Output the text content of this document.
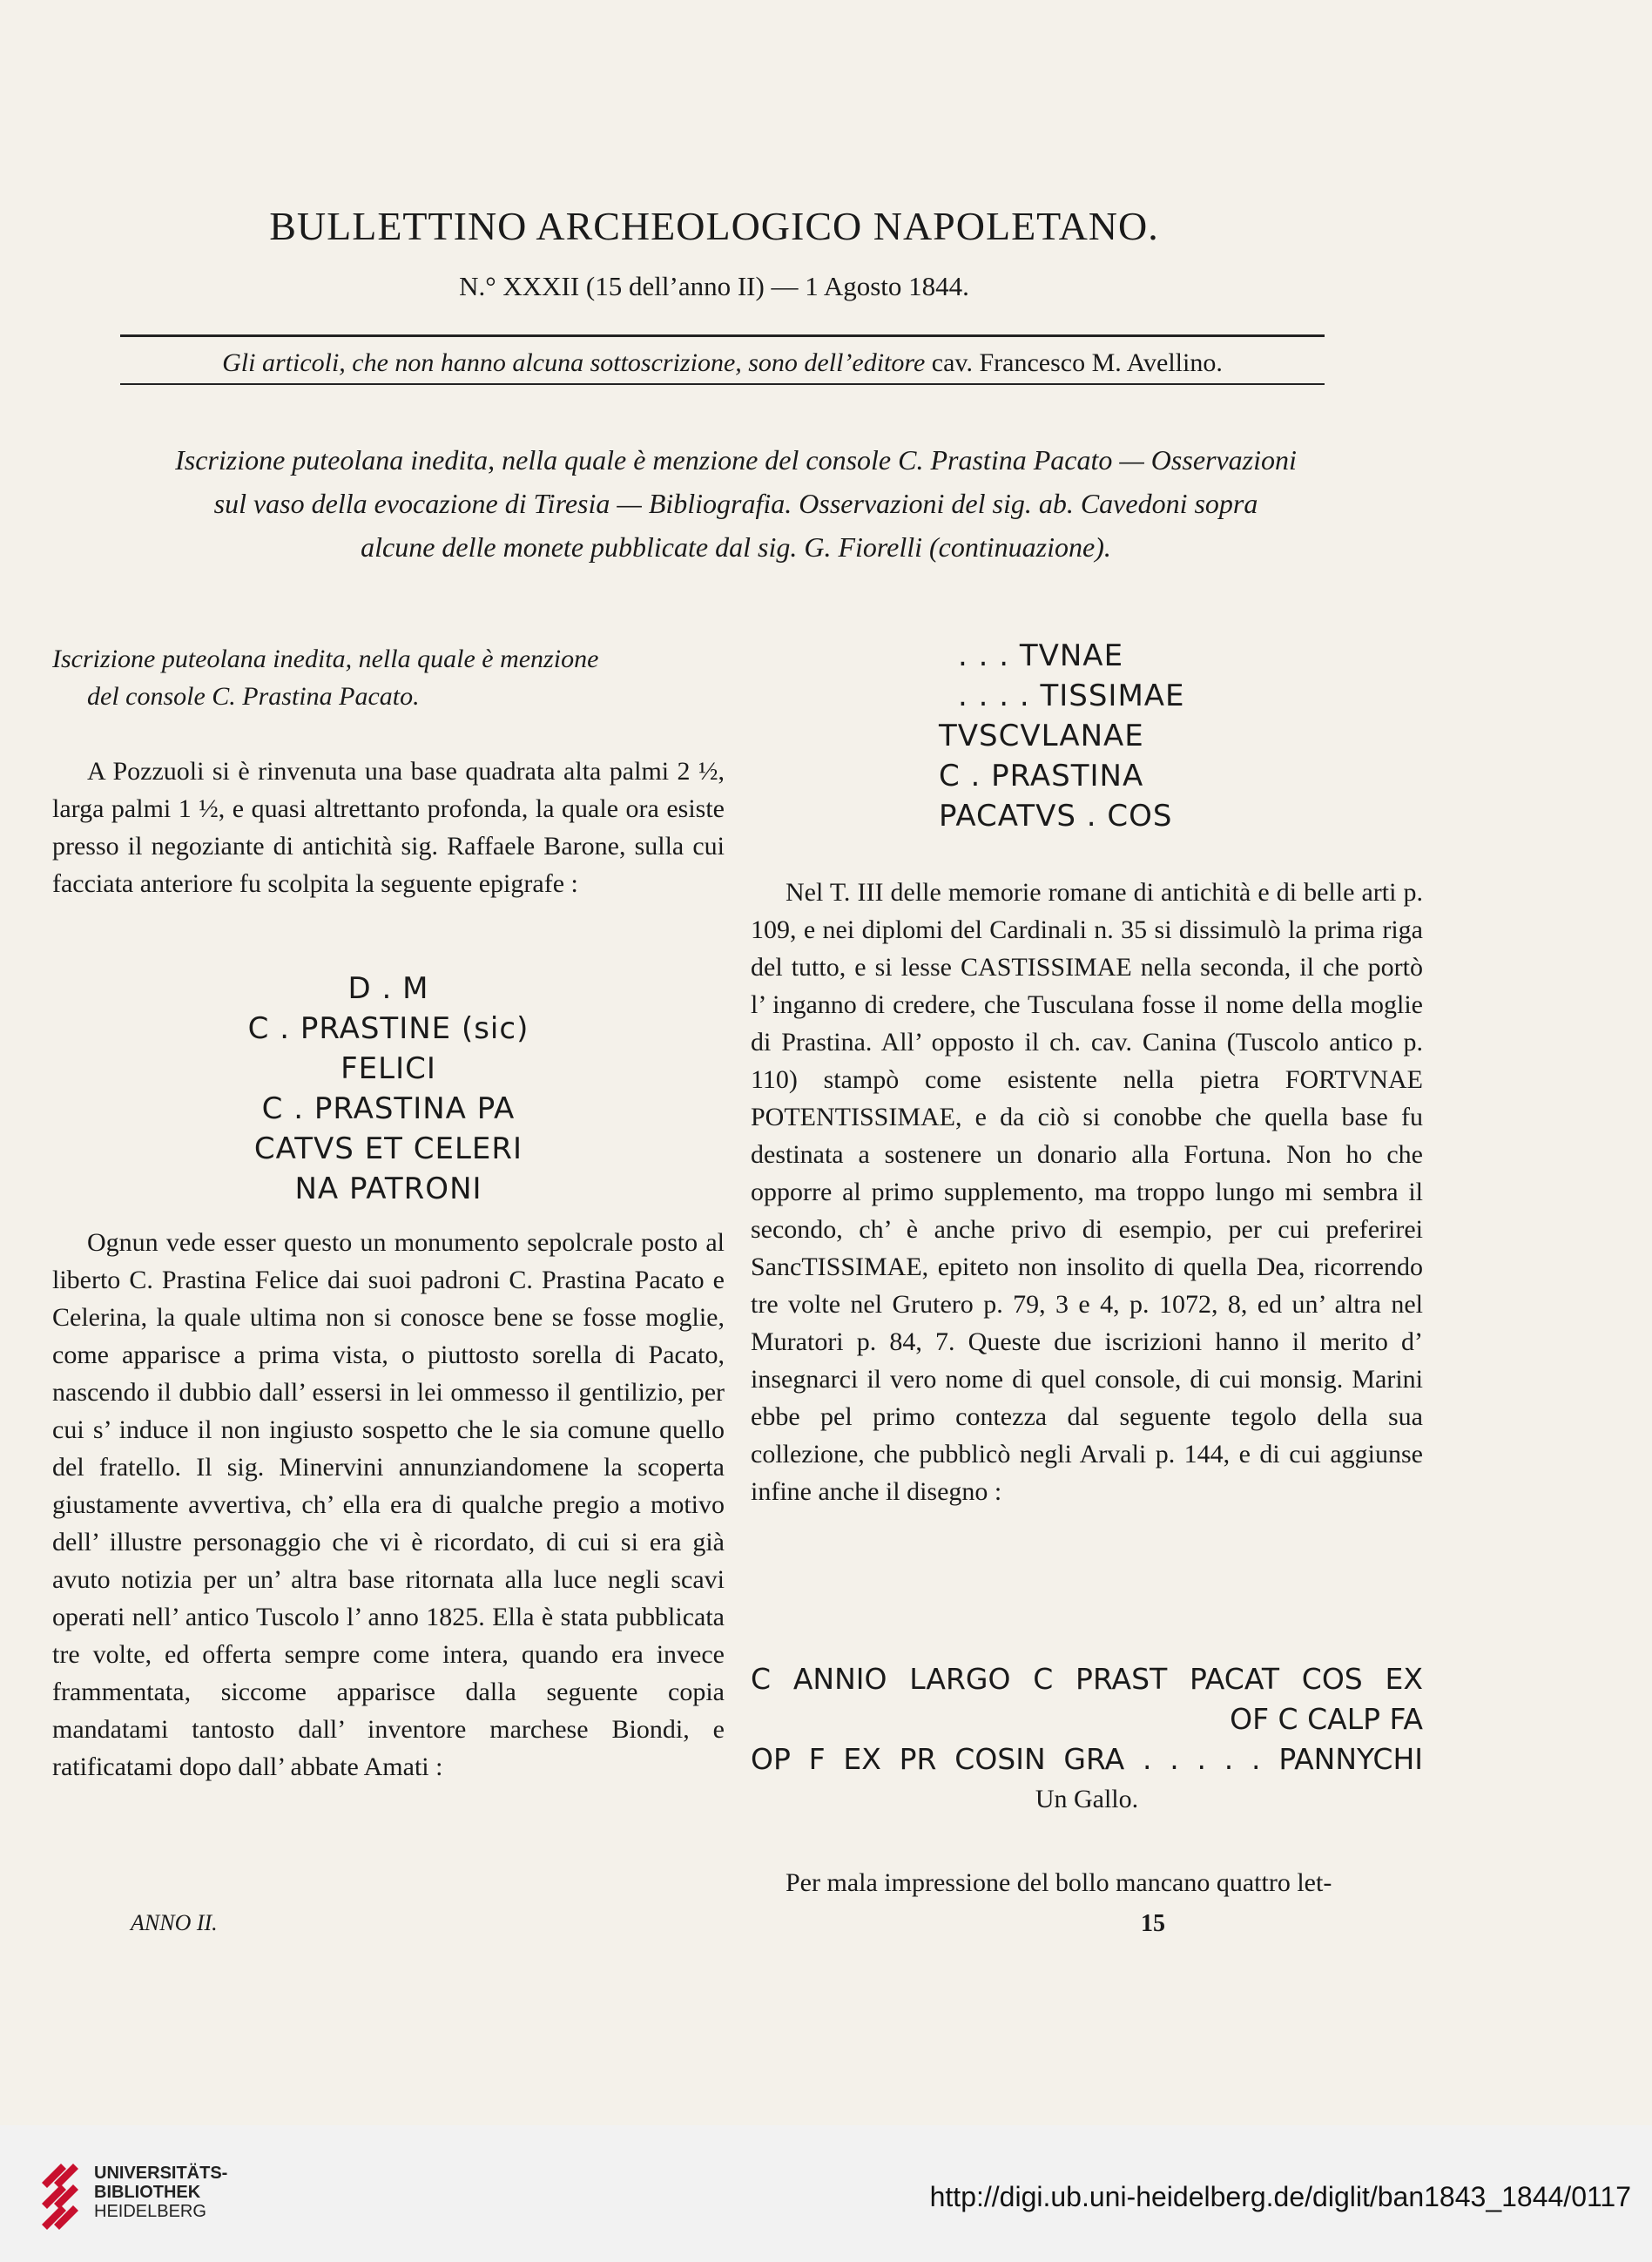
BULLETTINO ARCHEOLOGICO NAPOLETANO.
N.° XXXII (15 dell’anno II) — 1 Agosto 1844.
Gli articoli, che non hanno alcuna sottoscrizione, sono dell’editore cav. Francesco M. Avellino.
Iscrizione puteolana inedita, nella quale è menzione del console C. Prastina Pacato — Osservazioni
sul vaso della evocazione di Tiresia — Bibliografia. Osservazioni del sig. ab. Cavedoni sopra
alcune delle monete pubblicate dal sig. G. Fiorelli (continuazione).
Iscrizione puteolana inedita, nella quale è menzione
del console C. Prastina Pacato.

A Pozzuoli si è rinvenuta una base quadrata alta palmi 2 ½, larga palmi 1 ½, e quasi altrettanto profonda, la quale ora esiste presso il negoziante di antichità sig. Raffaele Barone, sulla cui facciata anteriore fu scolpita la seguente epigrafe :

D . M
C . PRASTINE (sic)
FELICI
C . PRASTINA PA
CATVS ET CELERI
NA PATRONI

Ognun vede esser questo un monumento sepolcrale posto al liberto C. Prastina Felice dai suoi padroni C. Prastina Pacato e Celerina, la quale ultima non si conosce bene se fosse moglie, come apparisce a prima vista, o piuttosto sorella di Pacato, nascendo il dubbio dall’ essersi in lei ommesso il gentilizio, per cui s’ induce il non ingiusto sospetto che le sia comune quello del fratello. Il sig. Minervini annunziandomene la scoperta giustamente avvertiva, ch’ ella era di qualche pregio a motivo dell’ illustre personaggio che vi è ricordato, di cui si era già avuto notizia per un’ altra base ritornata alla luce negli scavi operati nell’ antico Tuscolo l’ anno 1825. Ella è stata pubblicata tre volte, ed offerta sempre come intera, quando era invece frammentata, siccome apparisce dalla seguente copia mandatami tantosto dall’ inventore marchese Biondi, e ratificatami dopo dall’ abbate Amati :

. . . TVNAE
. . . . TISSIMAE
TVSCVLANAE
C . PRASTINA
PACATVS . COS

Nel T. III delle memorie romane di antichità e di belle arti p. 109, e nei diplomi del Cardinali n. 35 si dissimulò la prima riga del tutto, e si lesse CASTISSIMAE nella seconda, il che portò l’ inganno di credere, che Tusculana fosse il nome della moglie di Prastina. All’ opposto il ch. cav. Canina (Tuscolo antico p. 110) stampò come esistente nella pietra FORTVNAE POTENTISSIMAE, e da ciò si conobbe che quella base fu destinata a sostenere un donario alla Fortuna. Non ho che opporre al primo supplemento, ma troppo lungo mi sembra il secondo, ch’ è anche privo di esempio, per cui preferirei SancTISSIMAE, epiteto non insolito di quella Dea, ricorrendo tre volte nel Grutero p. 79, 3 e 4, p. 1072, 8, ed un’ altra nel Muratori p. 84, 7. Queste due iscrizioni hanno il merito d’ insegnarci il vero nome di quel console, di cui monsig. Marini ebbe pel primo contezza dal seguente tegolo della sua collezione, che pubblicò negli Arvali p. 144, e di cui aggiunse infine anche il disegno :

C ANNIO LARGO C PRAST PACAT COS EX
OF C CALP FA
OP F EX PR COSIN GRA . . . . . PANNYCHI
Un Gallo.

Per mala impressione del bollo mancano quattro let-

ANNO II.	15
UNIVERSITÄTS-
BIBLIOTHEK
HEIDELBERG	http://digi.ub.uni-heidelberg.de/diglit/ban1843_1844/0117
